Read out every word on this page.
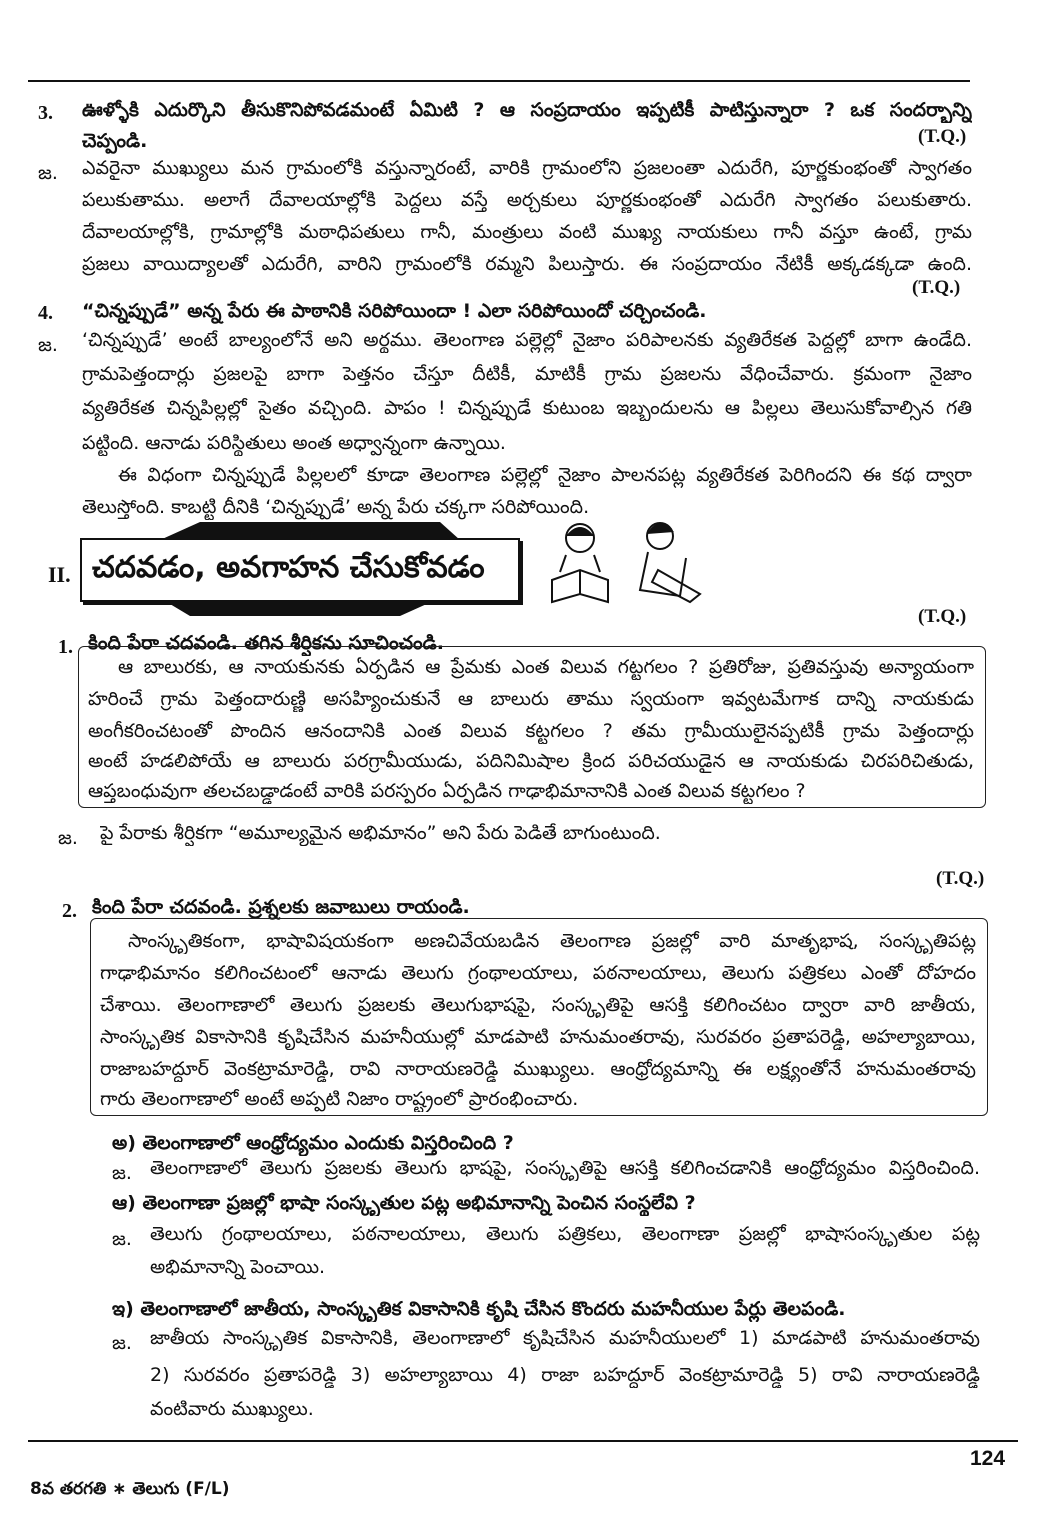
3. ఊళ్ళోకి ఎదుర్కొని తీసుకొనిపోవడమంటే ఏమిటి ? ఆ సంప్రదాయం ఇప్పటికీ పాటిస్తున్నారా ? ఒక సందర్భాన్ని
చెప్పండి.	(T.Q.)
జ. ఎవరైనా ముఖ్యులు మన గ్రామంలోకి వస్తున్నారంటే, వారికి గ్రామంలోని ప్రజలంతా ఎదురేగి, పూర్ణకుంభంతో స్వాగతం
పలుకుతాము. అలాగే దేవాలయాల్లోకి పెద్దలు వస్తే అర్చకులు పూర్ణకుంభంతో ఎదురేగి స్వాగతం పలుకుతారు.
దేవాలయాల్లోకి, గ్రామాల్లోకి మఠాధిపతులు గానీ, మంత్రులు వంటి ముఖ్య నాయకులు గానీ వస్తూ ఉంటే, గ్రామ
ప్రజలు వాయిద్యాలతో ఎదురేగి, వారిని గ్రామంలోకి రమ్మని పిలుస్తారు. ఈ సంప్రదాయం నేటికీ అక్కడక్కడా ఉంది.
(T.Q.)
4. “చిన్నప్పుడే” అన్న పేరు ఈ పాఠానికి సరిపోయిందా ! ఎలా సరిపోయిందో చర్చించండి.
జ. ‘చిన్నప్పుడే’ అంటే బాల్యంలోనే అని అర్థము. తెలంగాణ పల్లెల్లో నైజాం పరిపాలనకు వ్యతిరేకత పెద్దల్లో బాగా ఉండేది.
గ్రామపెత్తందార్లు ప్రజలపై బాగా పెత్తనం చేస్తూ దీటికీ, మాటికీ గ్రామ ప్రజలను వేధించేవారు. క్రమంగా నైజాం
వ్యతిరేకత చిన్నపిల్లల్లో సైతం వచ్చింది. పాపం ! చిన్నప్పుడే కుటుంబ ఇబ్బందులను ఆ పిల్లలు తెలుసుకోవాల్సిన గతి
పట్టింది. ఆనాడు పరిస్థితులు అంత అధ్వాన్నంగా ఉన్నాయి.
ఈ విధంగా చిన్నప్పుడే పిల్లలలో కూడా తెలంగాణ పల్లెల్లో నైజాం పాలనపట్ల వ్యతిరేకత పెరిగిందని ఈ కథ ద్వారా
తెలుస్తోంది. కాబట్టి దీనికి ‘చిన్నప్పుడే’ అన్న పేరు చక్కగా సరిపోయింది.
II. చదవడం, అవగాహన చేసుకోవడం
(T.Q.)
1. కింది పేరా చదవండి. తగిన శీర్షికను సూచించండి.
ఆ బాలురకు, ఆ నాయకునకు ఏర్పడిన ఆ ప్రేమకు ఎంత విలువ గట్టగలం ? ప్రతిరోజు, ప్రతివస్తువు అన్యాయంగా
హరించే గ్రామ పెత్తందారుణ్ణి అసహ్యించుకునే ఆ బాలురు తాము స్వయంగా ఇవ్వటమేగాక దాన్ని నాయకుడు
అంగీకరించటంతో పొందిన ఆనందానికి ఎంత విలువ కట్టగలం ? తమ గ్రామీయులైనప్పటికీ గ్రామ పెత్తందార్లు
అంటే హడలిపోయే ఆ బాలురు పరగ్రామీయుడు, పదినిమిషాల క్రింద పరిచయుడైన ఆ నాయకుడు చిరపరిచితుడు,
ఆప్తబంధువుగా తలచబడ్డాడంటే వారికి పరస్పరం ఏర్పడిన గాఢాభిమానానికి ఎంత విలువ కట్టగలం ?
జ. పై పేరాకు శీర్షికగా “అమూల్యమైన అభిమానం” అని పేరు పెడితే బాగుంటుంది.
(T.Q.)
2. కింది పేరా చదవండి. ప్రశ్నలకు జవాబులు రాయండి.
సాంస్కృతికంగా, భాషావిషయకంగా అణచివేయబడిన తెలంగాణ ప్రజల్లో వారి మాతృభాష, సంస్కృతిపట్ల
గాఢాభిమానం కలిగించటంలో ఆనాడు తెలుగు గ్రంథాలయాలు, పఠనాలయాలు, తెలుగు పత్రికలు ఎంతో దోహదం
చేశాయి. తెలంగాణాలో తెలుగు ప్రజలకు తెలుగుభాషపై, సంస్కృతిపై ఆసక్తి కలిగించటం ద్వారా వారి జాతీయ,
సాంస్కృతిక వికాసానికి కృషిచేసిన మహనీయుల్లో మాడపాటి హనుమంతరావు, సురవరం ప్రతాపరెడ్డి, అహల్యాబాయి,
రాజాబహద్దూర్ వెంకట్రామారెడ్డి, రావి నారాయణరెడ్డి ముఖ్యులు. ఆంధ్రోద్యమాన్ని ఈ లక్ష్యంతోనే హనుమంతరావు
గారు తెలంగాణాలో అంటే అప్పటి నిజాం రాష్ట్రంలో ప్రారంభించారు.
అ) తెలంగాణాలో ఆంధ్రోద్యమం ఎందుకు విస్తరించింది ?
జ. తెలంగాణాలో తెలుగు ప్రజలకు తెలుగు భాషపై, సంస్కృతిపై ఆసక్తి కలిగించడానికి ఆంధ్రోద్యమం విస్తరించింది.
ఆ) తెలంగాణా ప్రజల్లో భాషా సంస్కృతుల పట్ల అభిమానాన్ని పెంచిన సంస్థలేవి ?
జ. తెలుగు గ్రంథాలయాలు, పఠనాలయాలు, తెలుగు పత్రికలు, తెలంగాణా ప్రజల్లో భాషాసంస్కృతుల పట్ల
అభిమానాన్ని పెంచాయి.
ఇ) తెలంగాణాలో జాతీయ, సాంస్కృతిక వికాసానికి కృషి చేసిన కొందరు మహనీయుల పేర్లు తెలపండి.
జ. జాతీయ సాంస్కృతిక వికాసానికి, తెలంగాణాలో కృషిచేసిన మహనీయులలో 1) మాడపాటి హనుమంతరావు
2) సురవరం ప్రతాపరెడ్డి 3) అహల్యాబాయి 4) రాజా బహద్దూర్ వెంకట్రామారెడ్డి 5) రావి నారాయణరెడ్డి
వంటివారు ముఖ్యులు.
124
8వ తరగతి ∗ తెలుగు (F/L)
